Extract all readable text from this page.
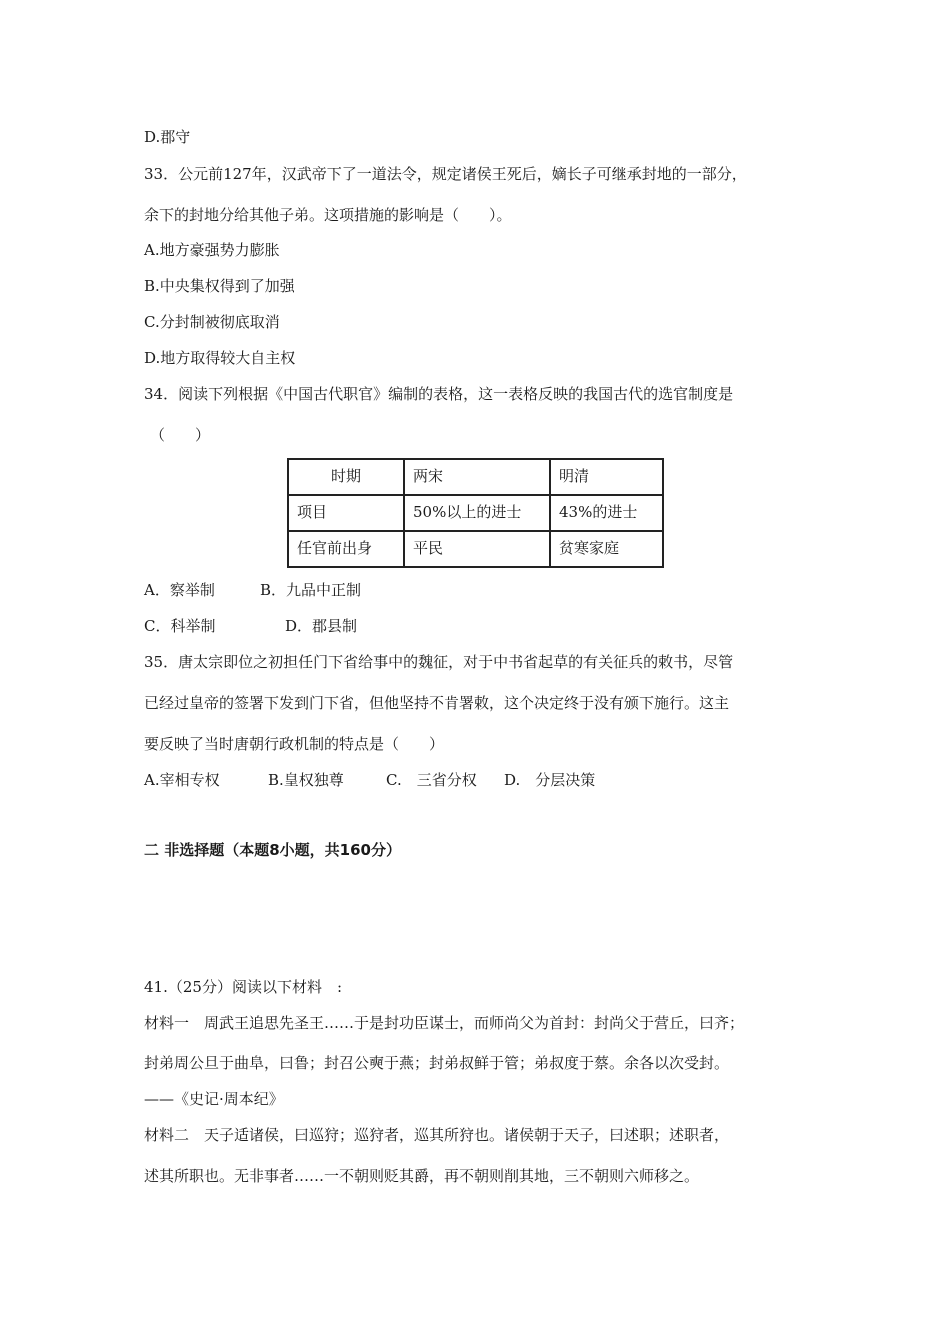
D.郡守
33．公元前127年，汉武帝下了一道法令，规定诸侯王死后，嫡长子可继承封地的一部分，
余下的封地分给其他子弟。这项措施的影响是（　　）。
A.地方豪强势力膨胀
B.中央集权得到了加强
C.分封制被彻底取消
D.地方取得较大自主权
34．阅读下列根据《中国古代职官》编制的表格，这一表格反映的我国古代的选官制度是
（　　）
时期	两宋	明清
项目	50%以上的进士	43%的进士
任官前出身	平民	贫寒家庭
A．察举制	B．九品中正制
C．科举制	D．郡县制
35．唐太宗即位之初担任门下省给事中的魏征，对于中书省起草的有关征兵的敕书，尽管
已经过皇帝的签署下发到门下省，但他坚持不肯署敕，这个决定终于没有颁下施行。这主
要反映了当时唐朝行政机制的特点是（　　）
A.宰相专权	B.皇权独尊	C.　三省分权 D.　分层决策
二 非选择题（本题8小题，共160分）
41.（25分）阅读以下材料　:
材料一　周武王追思先圣王……于是封功臣谋士，而师尚父为首封：封尚父于营丘，曰齐；
封弟周公旦于曲阜，曰鲁；封召公奭于燕；封弟叔鲜于管；弟叔度于蔡。余各以次受封。
——《史记·周本纪》
材料二　天子适诸侯，曰巡狩；巡狩者，巡其所狩也。诸侯朝于天子，曰述职；述职者，
述其所职也。无非事者……一不朝则贬其爵，再不朝则削其地，三不朝则六师移之。
